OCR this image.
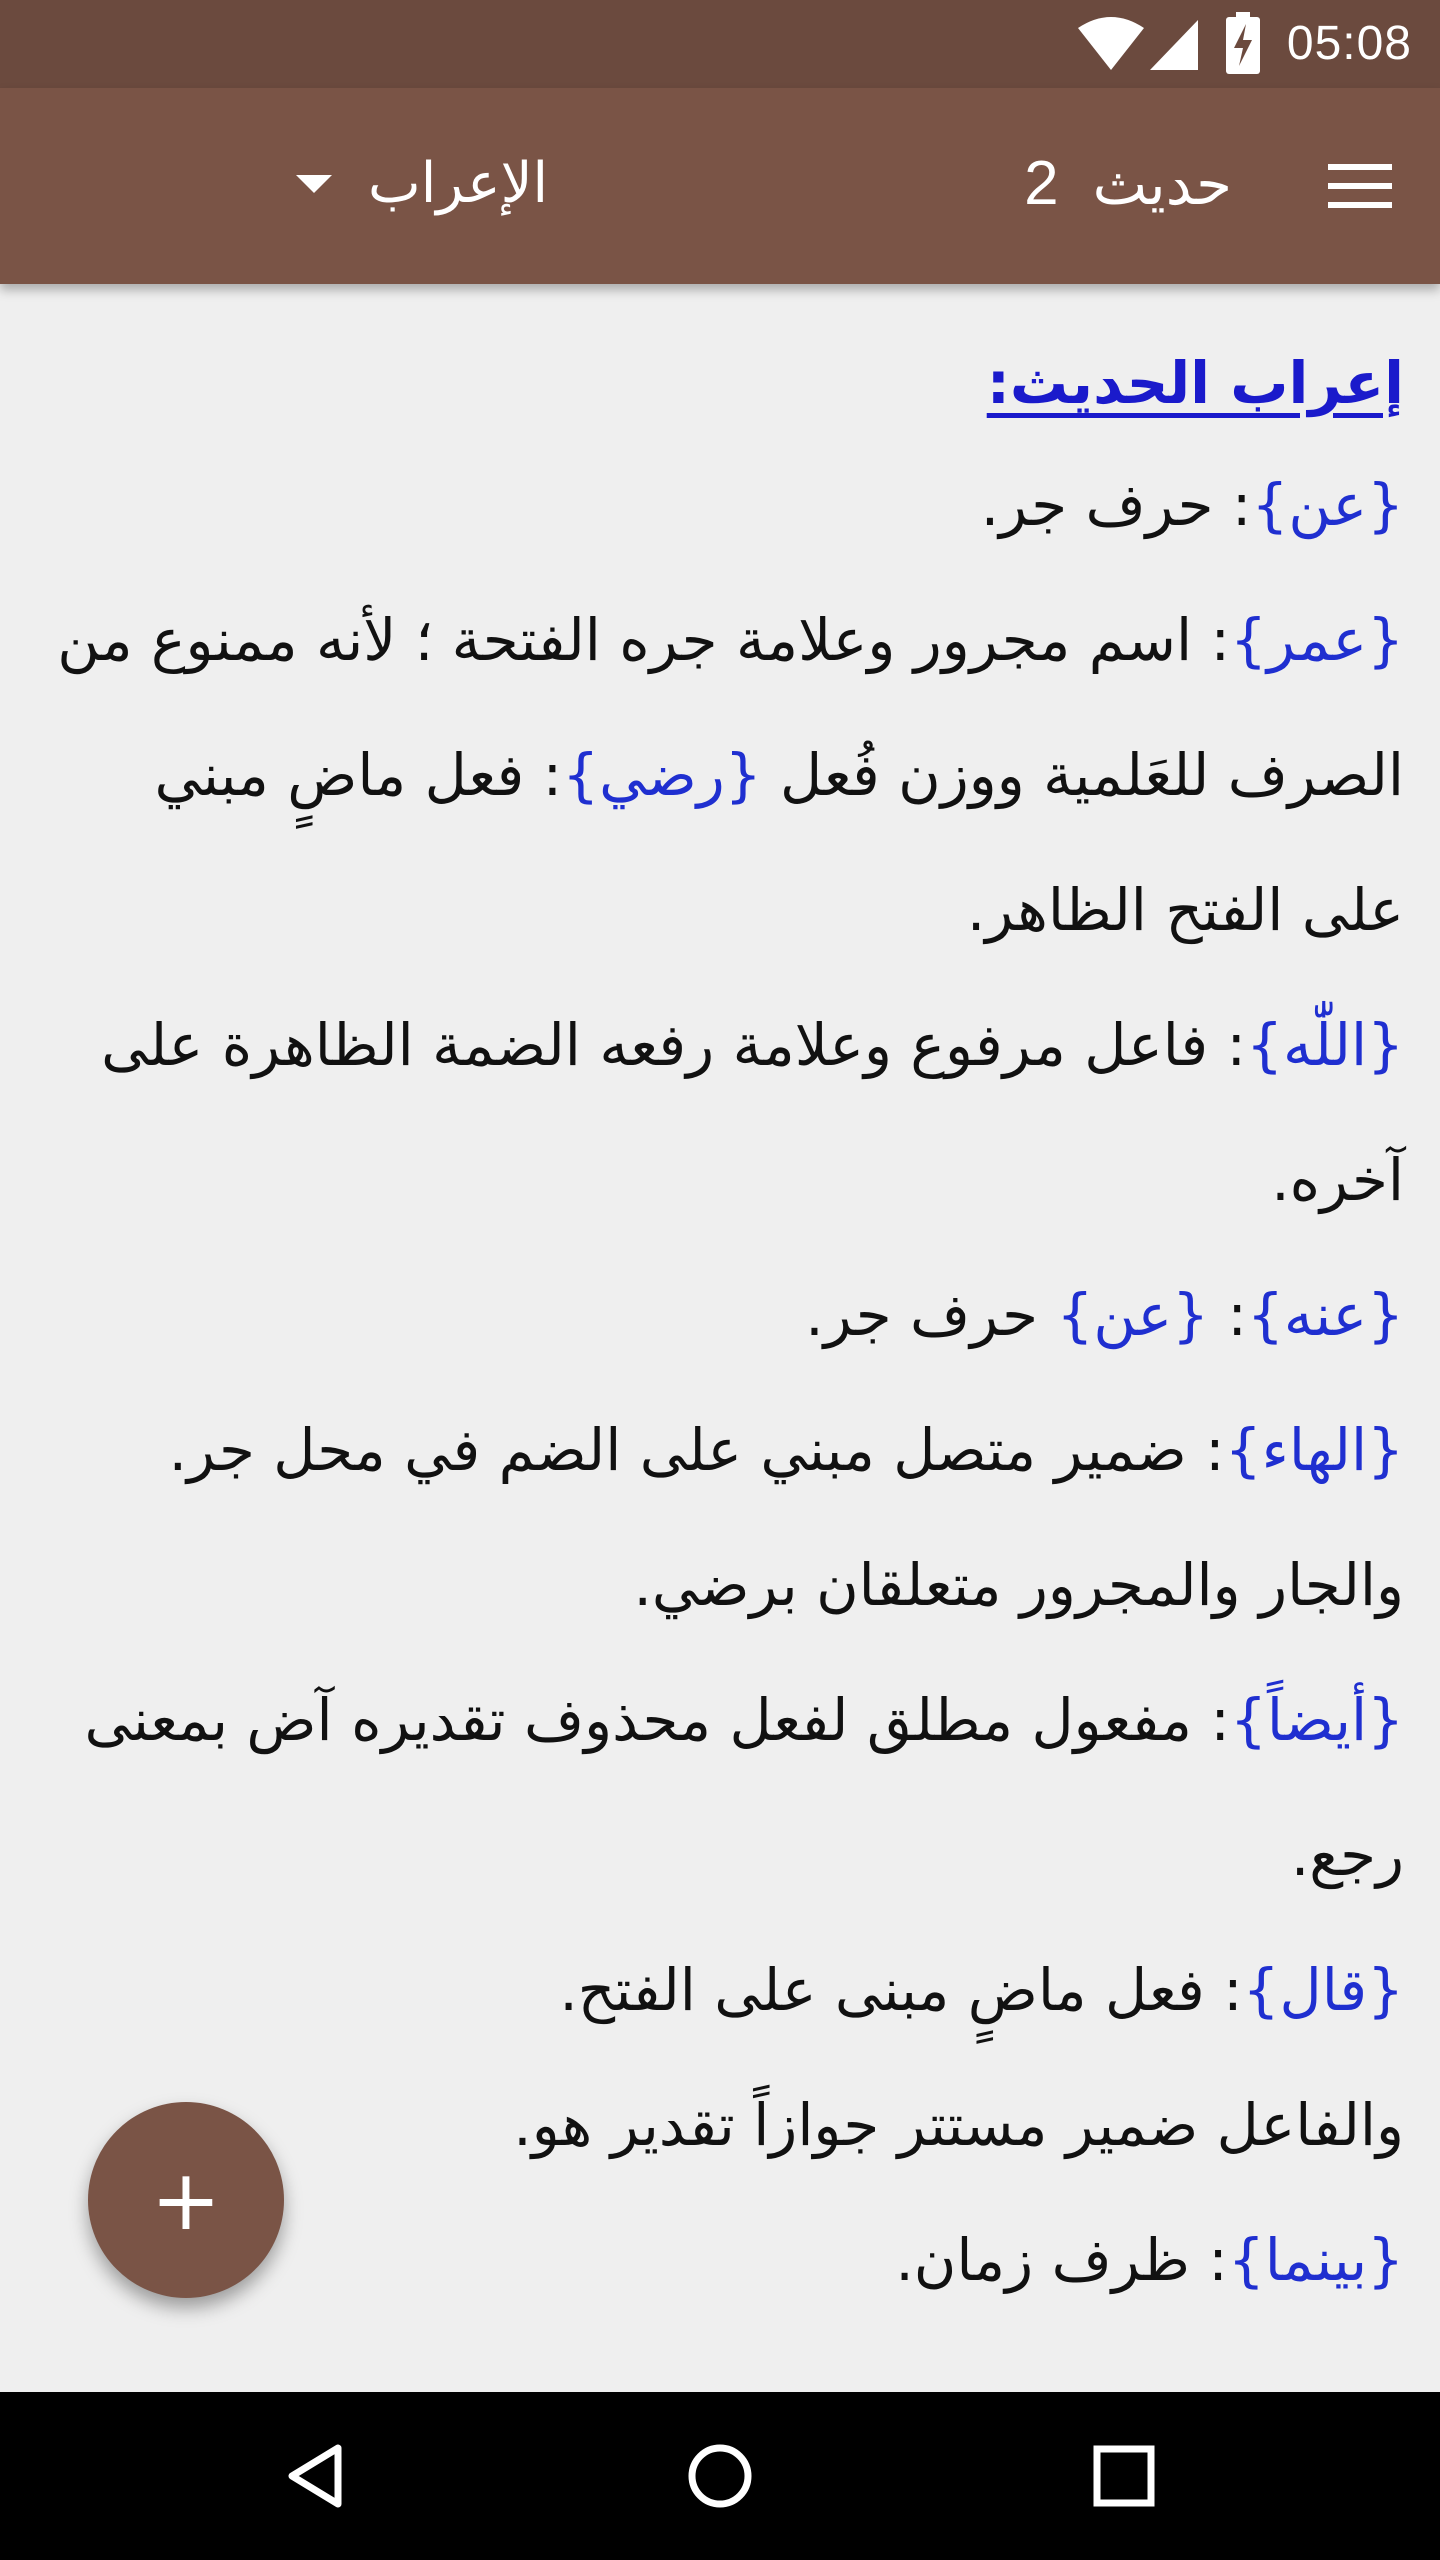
05:08
حديث2
الإعراب
إعراب الحديث:

{عن}: حرف جر.

{عمر}: اسم مجرور وعلامة جره الفتحة ؛ لأنه ممنوع من الصرف للعَلمية ووزن فُعل {رضي}: فعل ماضٍ مبني على الفتح الظاهر.

{اللّٰه}: فاعل مرفوع وعلامة رفعه الضمة الظاهرة على آخره.

{عنه}: {عن} حرف جر.

{الهاء}: ضمير متصل مبني على الضم في محل جر.

والجار والمجرور متعلقان برضي.

{أيضاً}: مفعول مطلق لفعل محذوف تقديره آض بمعنى رجع.

{قال}: فعل ماضٍ مبنى على الفتح.

والفاعل ضمير مستتر جوازاً تقدير هو.

{بينما}: ظرف زمان.

+
